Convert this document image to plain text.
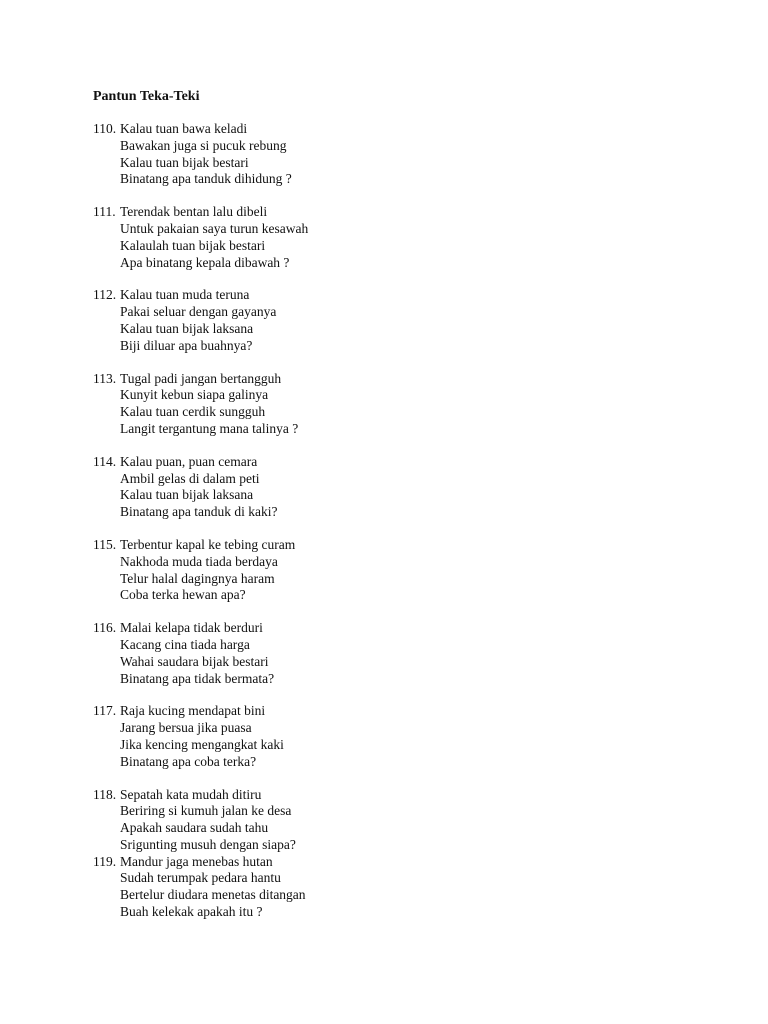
Pantun Teka-Teki
110. Kalau tuan bawa keladi
Bawakan juga si pucuk rebung
Kalau tuan bijak bestari
Binatang apa tanduk dihidung ?
111. Terendak bentan lalu dibeli
Untuk pakaian saya turun kesawah
Kalaulah tuan bijak bestari
Apa binatang kepala dibawah ?
112. Kalau tuan muda teruna
Pakai seluar dengan gayanya
Kalau tuan bijak laksana
Biji diluar apa buahnya?
113. Tugal padi jangan bertangguh
Kunyit kebun siapa galinya
Kalau tuan cerdik sungguh
Langit tergantung mana talinya ?
114. Kalau puan, puan cemara
Ambil gelas di dalam peti
Kalau tuan bijak laksana
Binatang apa tanduk di kaki?
115. Terbentur kapal ke tebing curam
Nakhoda muda tiada berdaya
Telur halal dagingnya haram
Coba terka hewan apa?
116. Malai kelapa tidak berduri
Kacang cina tiada harga
Wahai saudara bijak bestari
Binatang apa tidak bermata?
117. Raja kucing mendapat bini
Jarang bersua jika puasa
Jika kencing mengangkat kaki
Binatang apa coba terka?
118. Sepatah kata mudah ditiru
Beriring si kumuh jalan ke desa
Apakah saudara sudah tahu
Srigunting musuh dengan siapa?
119. Mandur jaga menebas hutan
Sudah terumpak pedara hantu
Bertelur diudara menetas ditangan
Buah kelekak apakah itu ?
